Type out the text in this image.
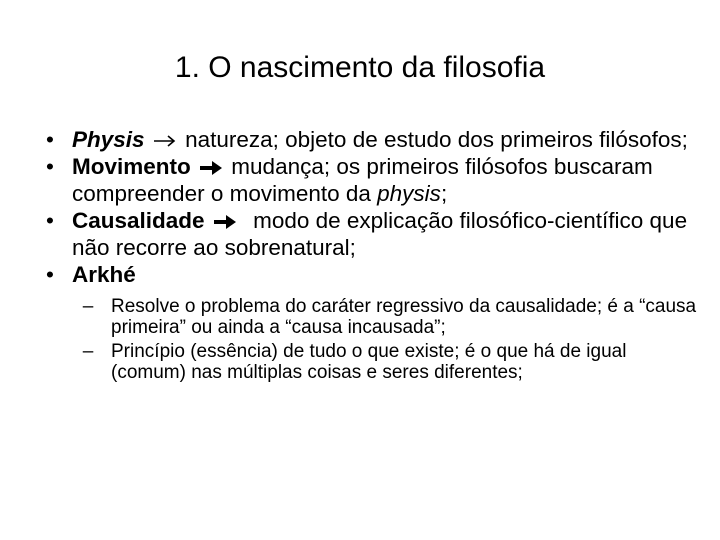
1. O nascimento da filosofia
• Physis natureza; objeto de estudo dos primeiros filósofos;
• Movimento mudança; os primeiros filósofos buscaram compreender o movimento da physis;
• Causalidade modo de explicação filosófico-científico que não recorre ao sobrenatural;
• Arkhé
– Resolve o problema do caráter regressivo da causalidade; é a “causa primeira” ou ainda a “causa incausada”;
– Princípio (essência) de tudo o que existe; é o que há de igual (comum) nas múltiplas coisas e seres diferentes;
